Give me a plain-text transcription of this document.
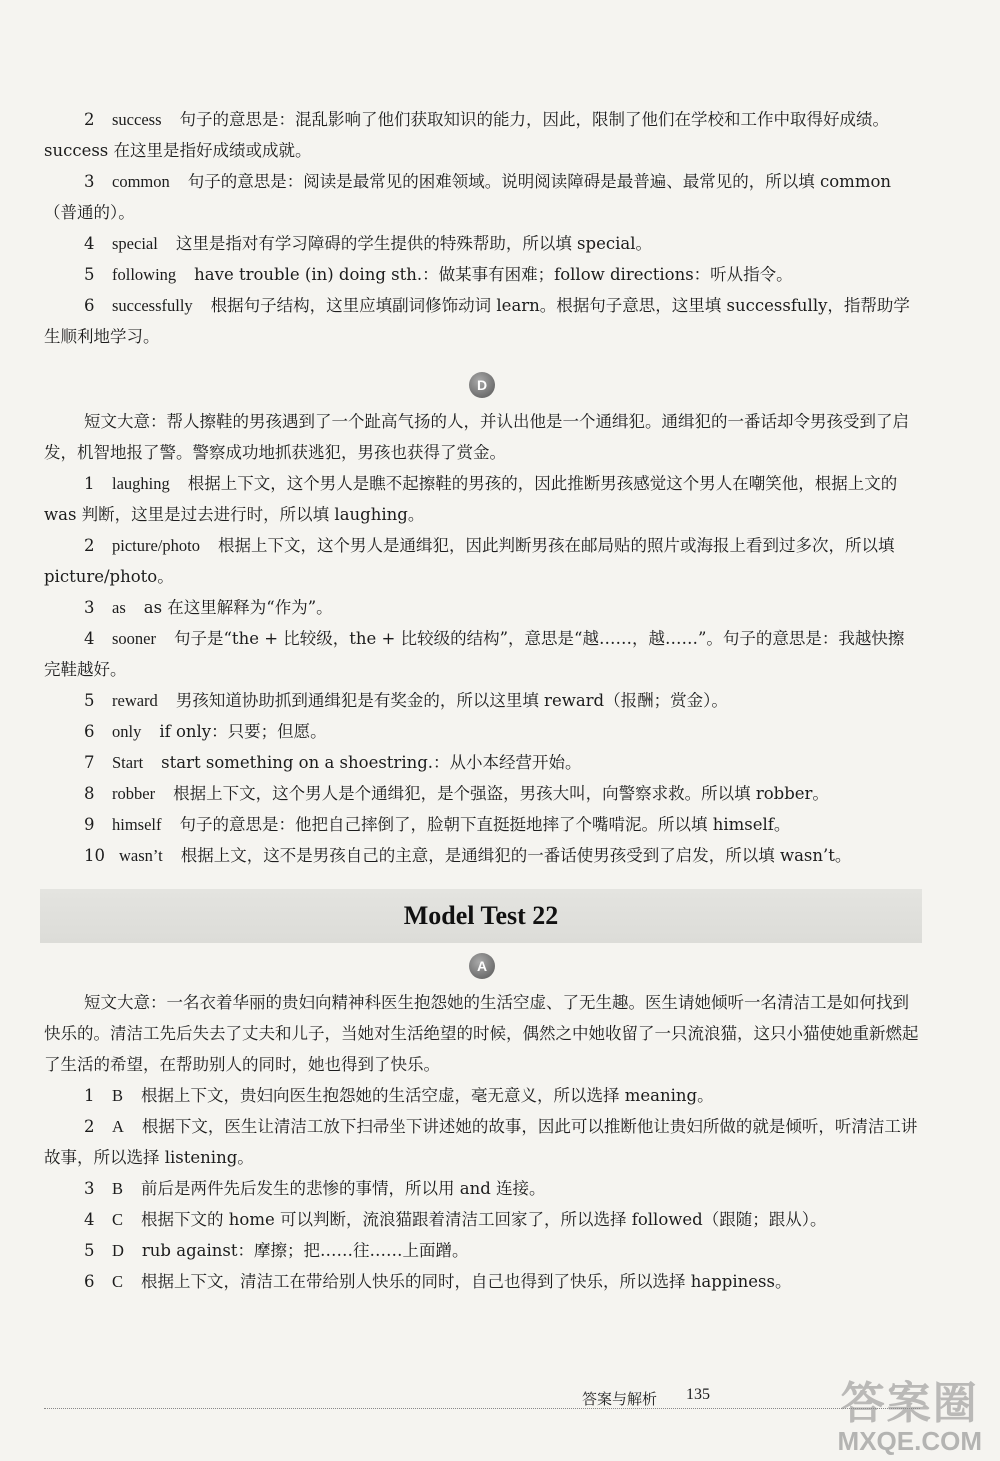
2 success 句子的意思是：混乱影响了他们获取知识的能力，因此，限制了他们在学校和工作中取得好成绩。success 在这里是指好成绩或成就。

3 common 句子的意思是：阅读是最常见的困难领域。说明阅读障碍是最普遍、最常见的，所以填 common（普通的）。

4 special 这里是指对有学习障碍的学生提供的特殊帮助，所以填 special。

5 following have trouble (in) doing sth.：做某事有困难；follow directions：听从指令。

6 successfully 根据句子结构，这里应填副词修饰动词 learn。根据句子意思，这里填 successfully，指帮助学生顺利地学习。

D

短文大意：帮人擦鞋的男孩遇到了一个趾高气扬的人，并认出他是一个通缉犯。通缉犯的一番话却令男孩受到了启发，机智地报了警。警察成功地抓获逃犯，男孩也获得了赏金。

1 laughing 根据上下文，这个男人是瞧不起擦鞋的男孩的，因此推断男孩感觉这个男人在嘲笑他，根据上文的 was 判断，这里是过去进行时，所以填 laughing。

2 picture/photo 根据上下文，这个男人是通缉犯，因此判断男孩在邮局贴的照片或海报上看到过多次，所以填 picture/photo。

3 as as 在这里解释为“作为”。

4 sooner 句子是“the + 比较级，the + 比较级的结构”，意思是“越……，越……”。句子的意思是：我越快擦完鞋越好。

5 reward 男孩知道协助抓到通缉犯是有奖金的，所以这里填 reward（报酬；赏金）。

6 only if only：只要；但愿。

7 Start start something on a shoestring.：从小本经营开始。

8 robber 根据上下文，这个男人是个通缉犯，是个强盗，男孩大叫，向警察求救。所以填 robber。

9 himself 句子的意思是：他把自己摔倒了，脸朝下直挺挺地摔了个嘴啃泥。所以填 himself。

10 wasn’t 根据上文，这不是男孩自己的主意，是通缉犯的一番话使男孩受到了启发，所以填 wasn’t。

Model Test 22
A

短文大意：一名衣着华丽的贵妇向精神科医生抱怨她的生活空虚、了无生趣。医生请她倾听一名清洁工是如何找到快乐的。清洁工先后失去了丈夫和儿子，当她对生活绝望的时候，偶然之中她收留了一只流浪猫，这只小猫使她重新燃起了生活的希望，在帮助别人的同时，她也得到了快乐。

1 B 根据上下文，贵妇向医生抱怨她的生活空虚，毫无意义，所以选择 meaning。

2 A 根据下文，医生让清洁工放下扫帚坐下讲述她的故事，因此可以推断他让贵妇所做的就是倾听，听清洁工讲故事，所以选择 listening。

3 B 前后是两件先后发生的悲惨的事情，所以用 and 连接。

4 C 根据下文的 home 可以判断，流浪猫跟着清洁工回家了，所以选择 followed（跟随；跟从）。

5 D rub against：摩擦；把……往……上面蹭。

6 C 根据上下文，清洁工在带给别人快乐的同时，自己也得到了快乐，所以选择 happiness。

答案与解析 135	答案圈
MXQE.COM
